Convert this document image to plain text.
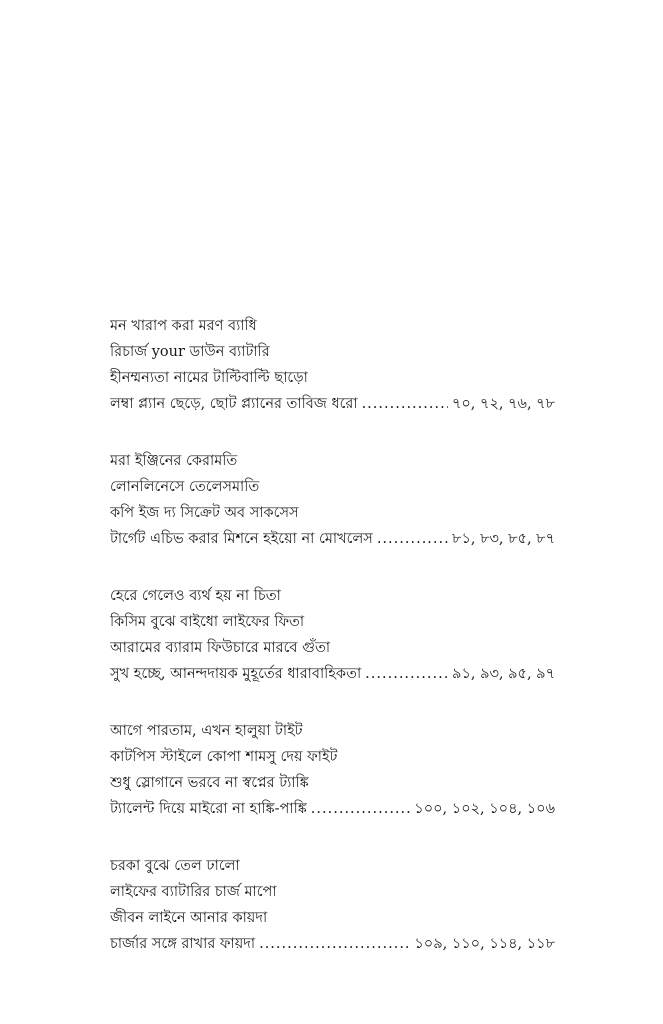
মন খারাপ করা মরণ ব্যাধি
রিচার্জ your ডাউন ব্যাটারি
হীনম্মন্যতা নামের টাল্টিবাল্টি ছাড়ো
লম্বা প্ল্যান ছেড়ে, ছোট প্ল্যানের তাবিজ ধরো .....	৭০, ৭২, ৭৬, ৭৮
মরা ইঞ্জিনের কেরামতি
লোনলিনেসে তেলেসমাতি
কপি ইজ দ্য সিক্রেট অব সাকসেস
টার্গেট এচিভ করার মিশনে হইয়ো না মোখলেস .....	৮১, ৮৩, ৮৫, ৮৭
হেরে গেলেও ব্যর্থ হয় না চিতা
কিসিম বুঝে বাইধো লাইফের ফিতা
আরামের ব্যারাম ফিউচারে মারবে গুঁতা
সুখ হচ্ছে, আনন্দদায়ক মুহূর্তের ধারাবাহিকতা .....	৯১, ৯৩, ৯৫, ৯৭
আগে পারতাম, এখন হালুয়া টাইট
কাটপিস স্টাইলে কোপা শামসু দেয় ফাইট
শুধু স্লোগানে ভরবে না স্বপ্নের ট্যাঙ্কি
ট্যালেন্ট দিয়ে মাইরো না হাঙ্কি-পাঙ্কি .....	১০০, ১০২, ১০৪, ১০৬
চরকা বুঝে তেল ঢালো
লাইফের ব্যাটারির চার্জ মাপো
জীবন লাইনে আনার কায়দা
চার্জার সঙ্গে রাখার ফায়দা .....	১০৯, ১১০, ১১৪, ১১৮
